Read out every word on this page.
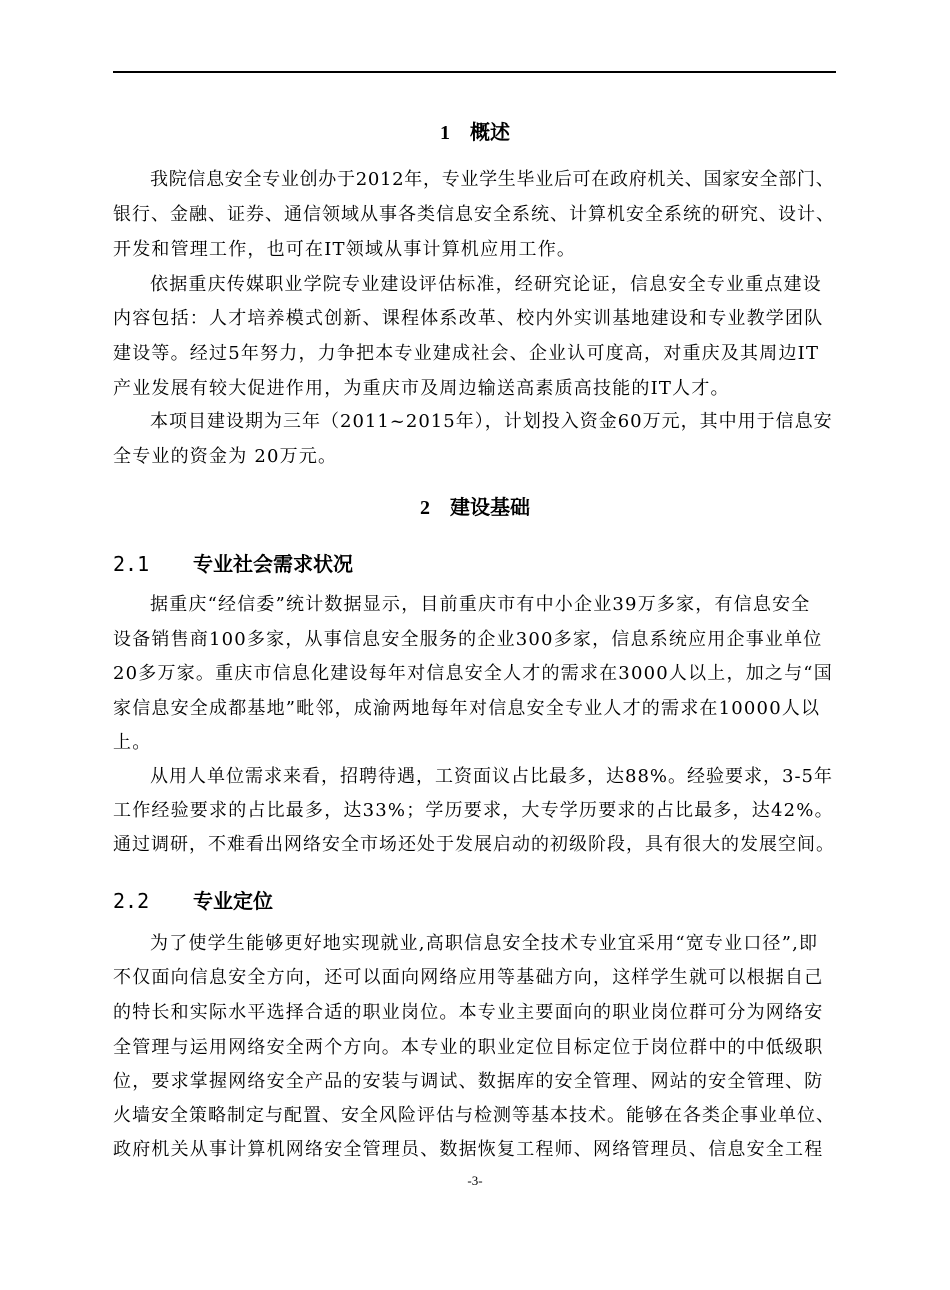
1 概述
我院信息安全专业创办于2012年，专业学生毕业后可在政府机关、国家安全部门、
银行、金融、证券、通信领域从事各类信息安全系统、计算机安全系统的研究、设计、
开发和管理工作，也可在IT领域从事计算机应用工作。
依据重庆传媒职业学院专业建设评估标准，经研究论证，信息安全专业重点建设
内容包括：人才培养模式创新、课程体系改革、校内外实训基地建设和专业教学团队
建设等。经过5年努力，力争把本专业建成社会、企业认可度高，对重庆及其周边IT
产业发展有较大促进作用，为重庆市及周边输送高素质高技能的IT人才。
本项目建设期为三年（2011~2015年），计划投入资金60万元，其中用于信息安
全专业的资金为 20万元。
2 建设基础
2.1 专业社会需求状况
据重庆“经信委”统计数据显示，目前重庆市有中小企业39万多家，有信息安全
设备销售商100多家，从事信息安全服务的企业300多家，信息系统应用企事业单位
20多万家。重庆市信息化建设每年对信息安全人才的需求在3000人以上，加之与“国
家信息安全成都基地”毗邻，成渝两地每年对信息安全专业人才的需求在10000人以
上。
从用人单位需求来看，招聘待遇，工资面议占比最多，达88%。经验要求，3-5年
工作经验要求的占比最多，达33%；学历要求，大专学历要求的占比最多，达42%。
通过调研，不难看出网络安全市场还处于发展启动的初级阶段，具有很大的发展空间。
2.2 专业定位
为了使学生能够更好地实现就业,高职信息安全技术专业宜采用“宽专业口径”,即
不仅面向信息安全方向，还可以面向网络应用等基础方向，这样学生就可以根据自己
的特长和实际水平选择合适的职业岗位。本专业主要面向的职业岗位群可分为网络安
全管理与运用网络安全两个方向。本专业的职业定位目标定位于岗位群中的中低级职
位，要求掌握网络安全产品的安装与调试、数据库的安全管理、网站的安全管理、防
火墙安全策略制定与配置、安全风险评估与检测等基本技术。能够在各类企事业单位、
政府机关从事计算机网络安全管理员、数据恢复工程师、网络管理员、信息安全工程
-3-
